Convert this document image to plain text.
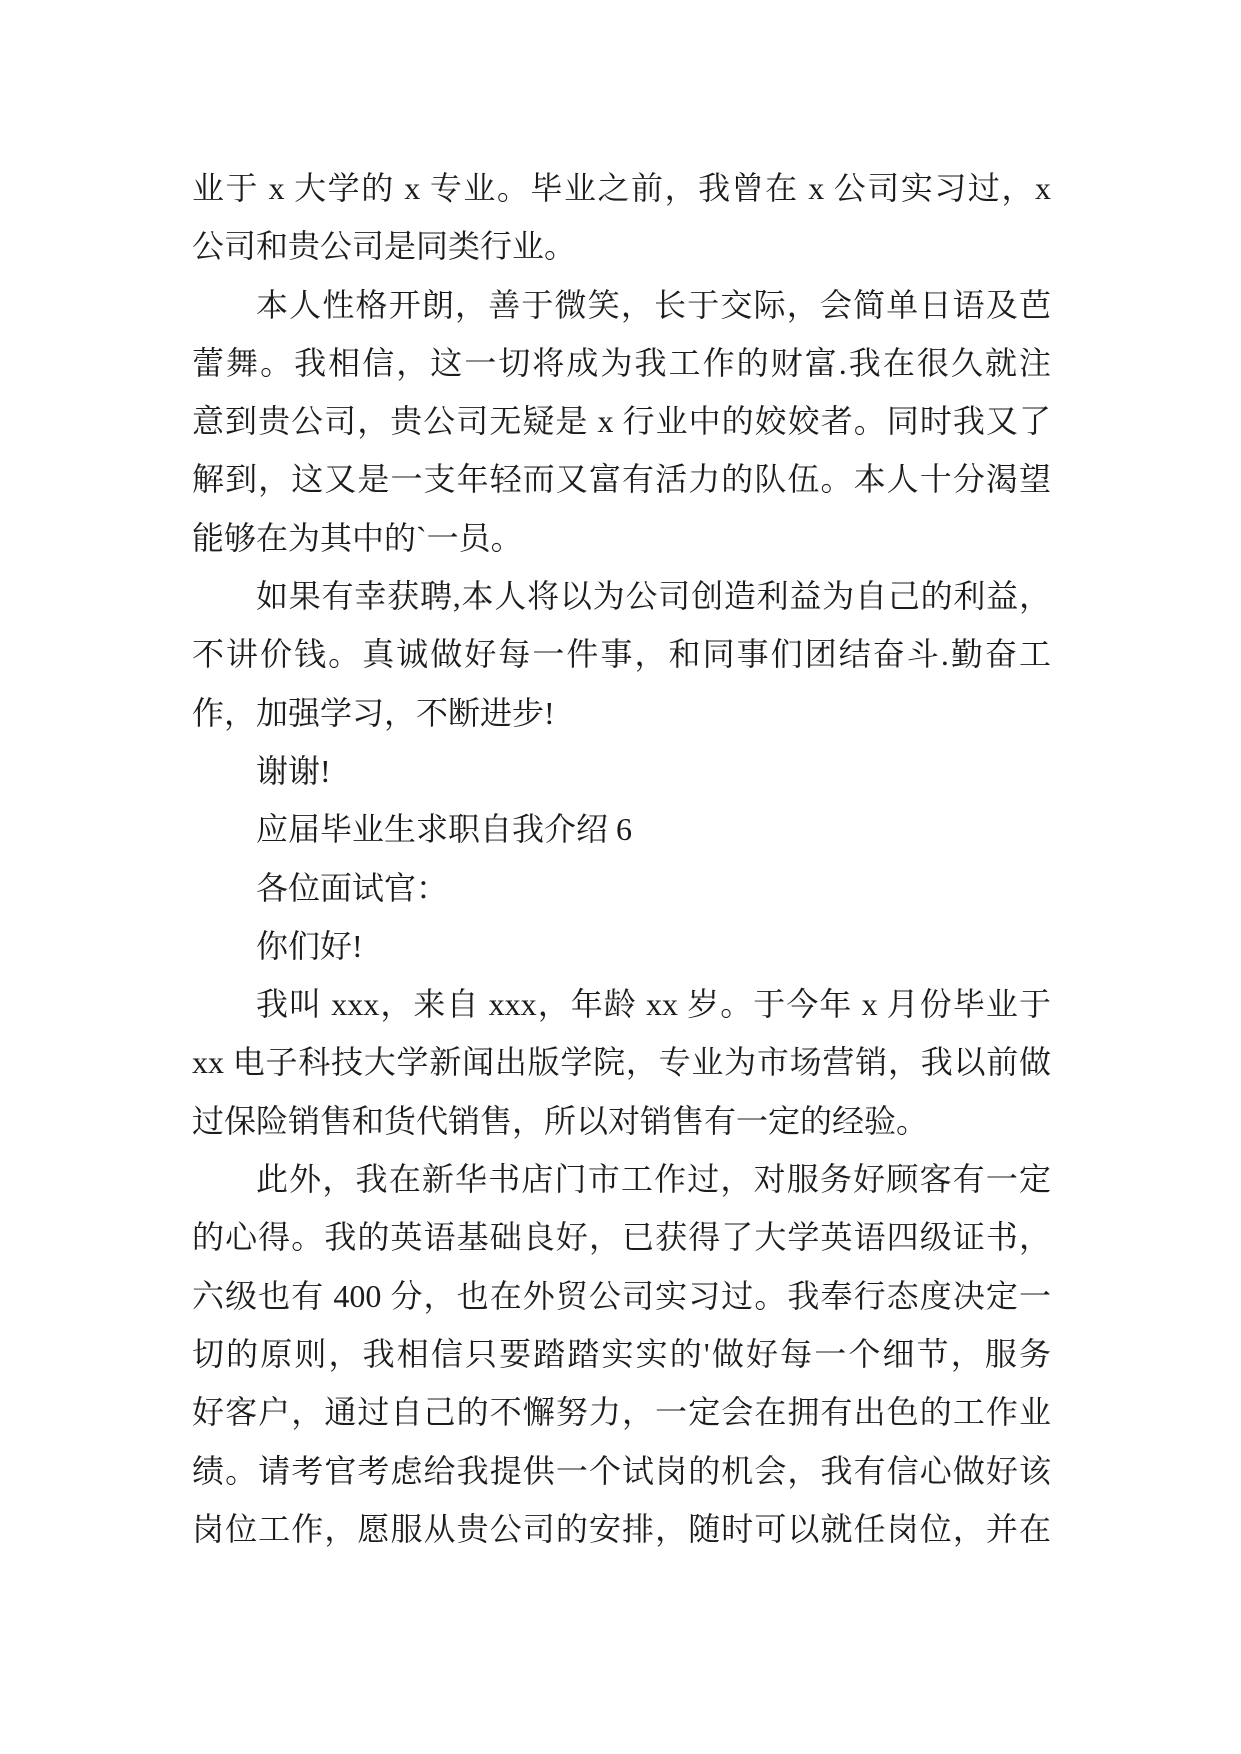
业于 x 大学的 x 专业。毕业之前，我曾在 x 公司实习过，x
公司和贵公司是同类行业。
本人性格开朗，善于微笑，长于交际，会简单日语及芭
蕾舞。我相信，这一切将成为我工作的财富.我在很久就注
意到贵公司，贵公司无疑是 x 行业中的姣姣者。同时我又了
解到，这又是一支年轻而又富有活力的队伍。本人十分渴望
能够在为其中的`一员。
如果有幸获聘,本人将以为公司创造利益为自己的利益，
不讲价钱。真诚做好每一件事，和同事们团结奋斗.勤奋工
作，加强学习，不断进步!
谢谢!
应届毕业生求职自我介绍 6
各位面试官：
你们好!
我叫 xxx，来自 xxx，年龄 xx 岁。于今年 x 月份毕业于
xx 电子科技大学新闻出版学院，专业为市场营销，我以前做
过保险销售和货代销售，所以对销售有一定的经验。
此外，我在新华书店门市工作过，对服务好顾客有一定
的心得。我的英语基础良好，已获得了大学英语四级证书，
六级也有 400 分，也在外贸公司实习过。我奉行态度决定一
切的原则，我相信只要踏踏实实的'做好每一个细节，服务
好客户，通过自己的不懈努力，一定会在拥有出色的工作业
绩。请考官考虑给我提供一个试岗的机会，我有信心做好该
岗位工作，愿服从贵公司的安排，随时可以就任岗位，并在
